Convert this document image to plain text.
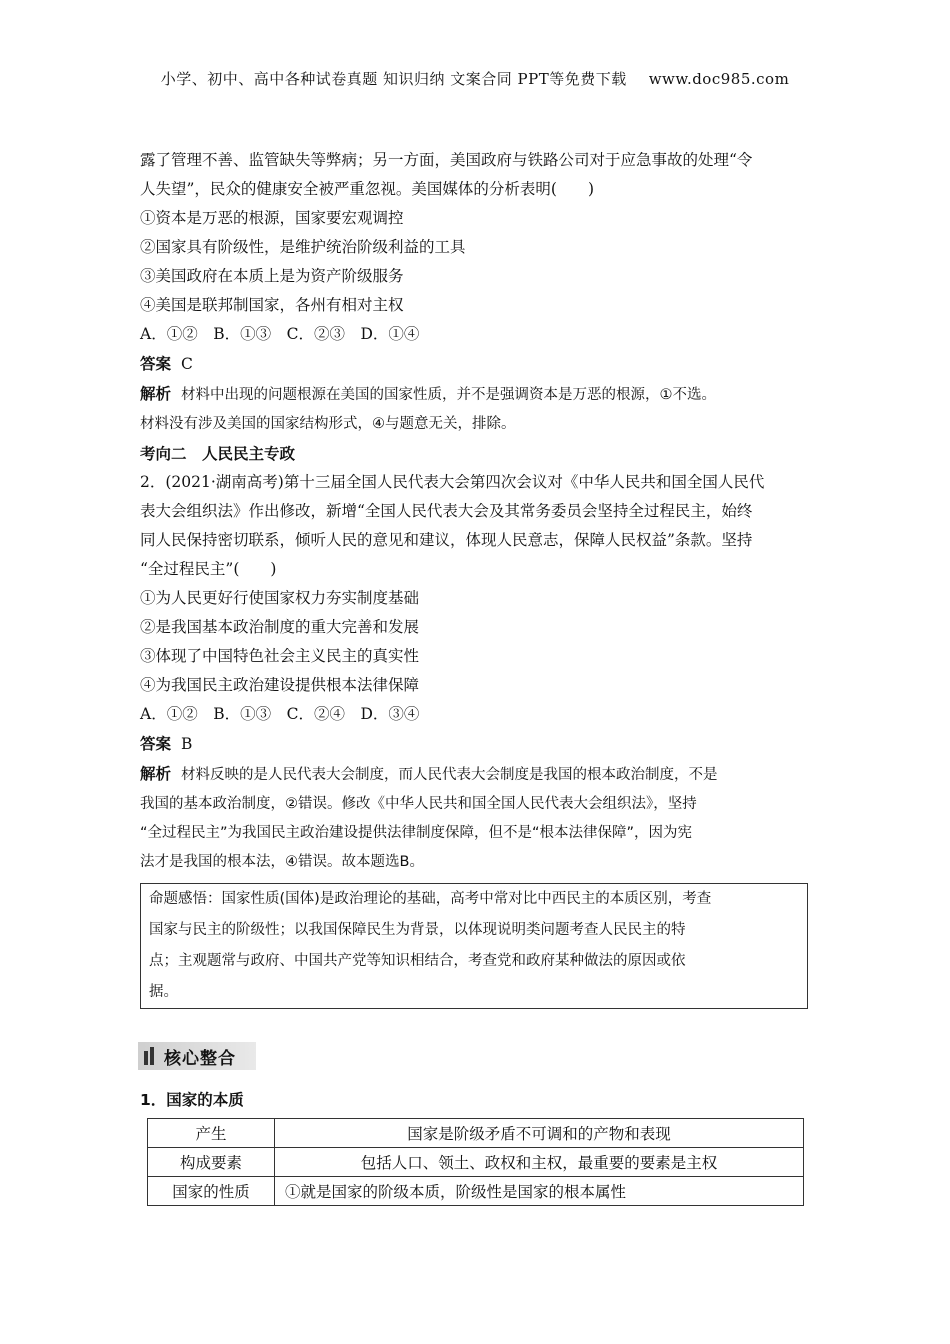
小学、初中、高中各种试卷真题 知识归纳 文案合同 PPT等免费下载 www.doc985.com

露了管理不善、监管缺失等弊病；另一方面，美国政府与铁路公司对于应急事故的处理“令

人失望”，民众的健康安全被严重忽视。美国媒体的分析表明(　　)

①资本是万恶的根源，国家要宏观调控

②国家具有阶级性，是维护统治阶级利益的工具

③美国政府在本质上是为资产阶级服务

④美国是联邦制国家，各州有相对主权

A．①②　B．①③　C．②③　D．①④

答案 C

解析 材料中出现的问题根源在美国的国家性质，并不是强调资本是万恶的根源，①不选。

材料没有涉及美国的国家结构形式，④与题意无关，排除。

考向二　人民民主专政

2．(2021·湖南高考)第十三届全国人民代表大会第四次会议对《中华人民共和国全国人民代

表大会组织法》作出修改，新增“全国人民代表大会及其常务委员会坚持全过程民主，始终

同人民保持密切联系，倾听人民的意见和建议，体现人民意志，保障人民权益”条款。坚持

“全过程民主”(　　)

①为人民更好行使国家权力夯实制度基础

②是我国基本政治制度的重大完善和发展

③体现了中国特色社会主义民主的真实性

④为我国民主政治建设提供根本法律保障

A．①②　B．①③　C．②④　D．③④

答案 B

解析 材料反映的是人民代表大会制度，而人民代表大会制度是我国的根本政治制度，不是

我国的基本政治制度，②错误。修改《中华人民共和国全国人民代表大会组织法》，坚持

“全过程民主”为我国民主政治建设提供法律制度保障，但不是“根本法律保障”，因为宪

法才是我国的根本法，④错误。故本题选B。

命题感悟：国家性质(国体)是政治理论的基础，高考中常对比中西民主的本质区别，考查
国家与民主的阶级性；以我国保障民生为背景，以体现说明类问题考查人民民主的特
点；主观题常与政府、中国共产党等知识相结合，考查党和政府某种做法的原因或依
据。
核心整合
1．国家的本质
产生	国家是阶级矛盾不可调和的产物和表现
构成要素	包括人口、领土、政权和主权，最重要的要素是主权
国家的性质	①就是国家的阶级本质，阶级性是国家的根本属性
